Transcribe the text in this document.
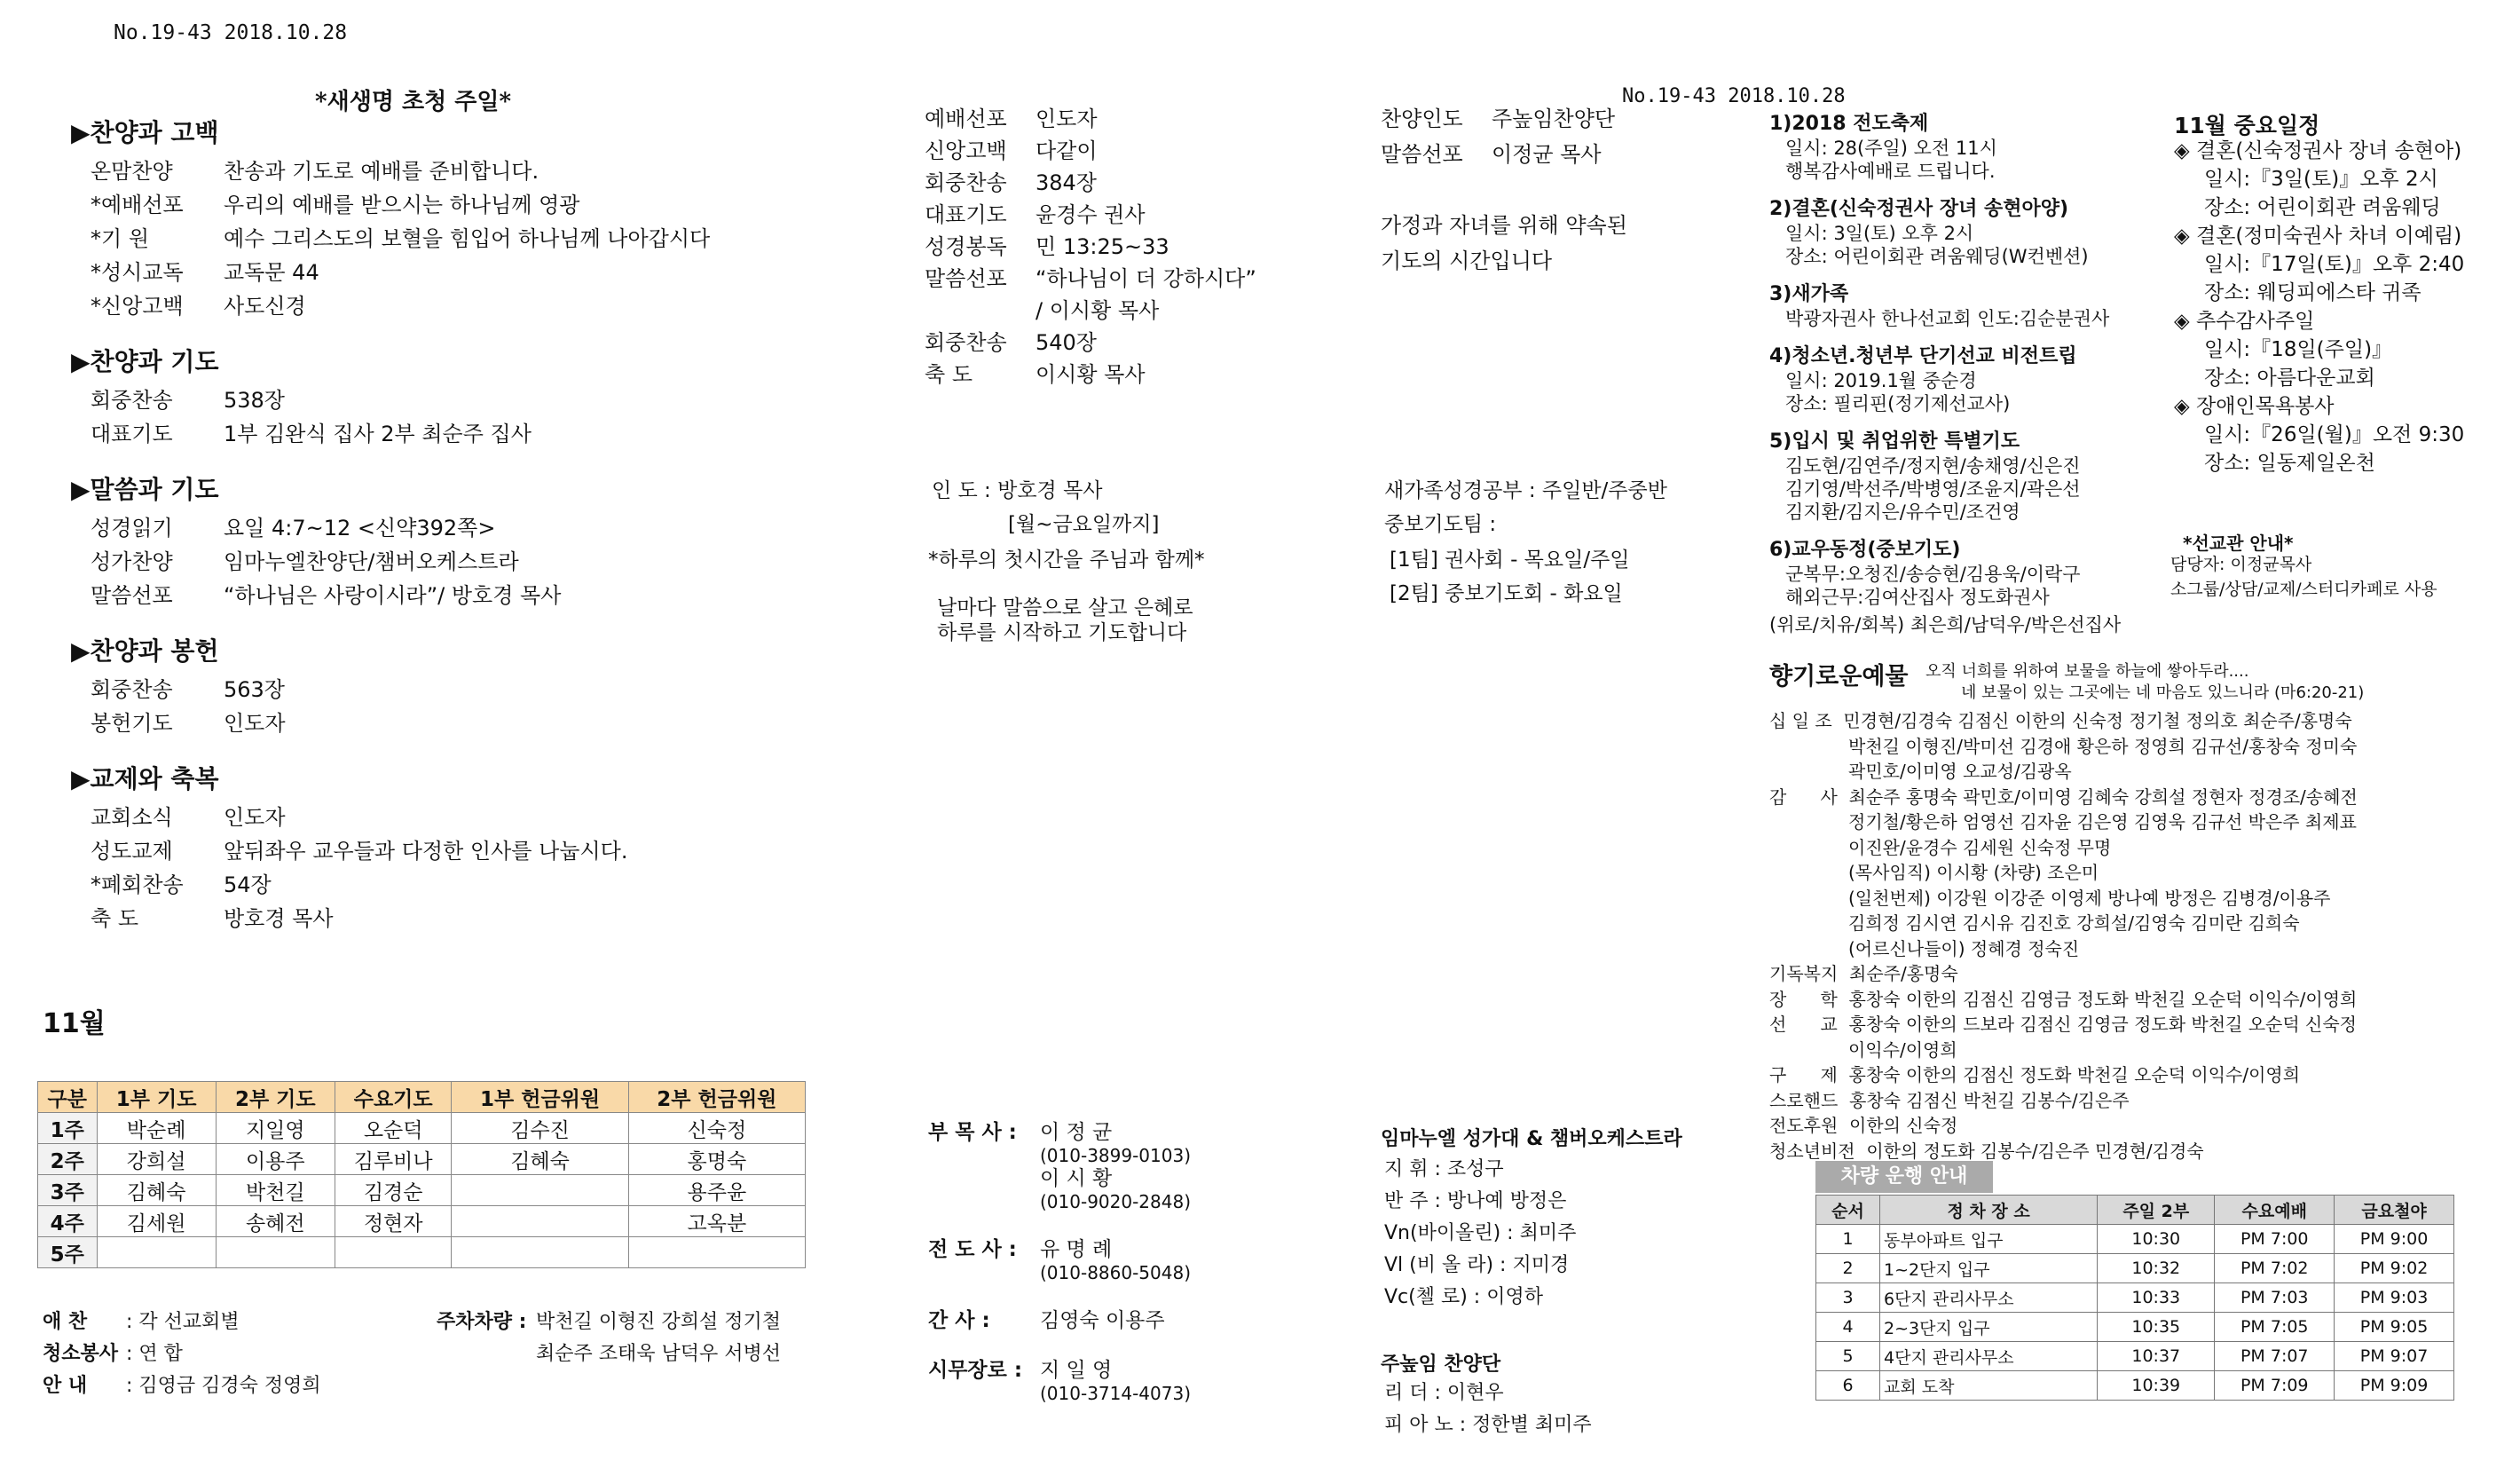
No.19-43 2018.10.28
*새생명 초청 주일*
▶찬양과 고백
온맘찬양	찬송과 기도로 예배를 준비합니다.
*예배선포	우리의 예배를 받으시는 하나님께 영광
*기 원	예수 그리스도의 보혈을 힘입어 하나님께 나아갑시다
*성시교독	교독문 44
*신앙고백	사도신경
▶찬양과 기도
회중찬송	538장
대표기도	1부 김완식 집사 2부 최순주 집사
▶말씀과 기도
성경읽기	요일 4:7~12 <신약392쪽>
성가찬양	임마누엘찬양단/챔버오케스트라
말씀선포	“하나님은 사랑이시라”/ 방호경 목사
▶찬양과 봉헌
회중찬송	563장
봉헌기도	인도자
▶교제와 축복
교회소식	인도자
성도교제	앞뒤좌우 교우들과 다정한 인사를 나눕시다.
*폐회찬송	54장
축 도	방호경 목사
11월
구분	1부 기도	2부 기도	수요기도	1부 헌금위원	2부 헌금위원
1주	박순례	지일영	오순덕	김수진	신숙정
2주	강희설	이용주	김루비나	김혜숙	홍명숙
3주	김혜숙	박천길	김경순		용주윤
4주	김세원	송혜전	정현자		고옥분
5주					
애 찬	: 각 선교회별
청소봉사 : 연 합
안 내	: 김영금 김경숙 정영희
주차차량 : 박천길 이형진 강희설 정기철
최순주 조태욱 남덕우 서병선
예배선포	인도자
신앙고백	다같이
회중찬송	384장
대표기도	윤경수 권사
성경봉독	민 13:25~33
말씀선포	“하나님이 더 강하시다”
/ 이시황 목사
회중찬송	540장
축 도	이시황 목사
인 도 : 방호경 목사
[월~금요일까지]
*하루의 첫시간을 주님과 함께*
날마다 말씀으로 살고 은혜로
하루를 시작하고 기도합니다
부 목 사 :	이 정 균
(010-3899-0103)
이 시 황
(010-9020-2848)
전 도 사 :	유 명 례
(010-8860-5048)
간 사 :	김영숙 이용주
시무장로 : 지 일 영
(010-3714-4073)
찬양인도	주높임찬양단
말씀선포	이정균 목사
가정과 자녀를 위해 약속된
기도의 시간입니다
새가족성경공부 : 주일반/주중반
중보기도팀 :
[1팀] 권사회 - 목요일/주일
[2팀] 중보기도회 - 화요일
임마누엘 성가대 & 챔버오케스트라
지 휘 : 조성구
반 주 : 방나예 방정은
Vn(바이올린) : 최미주
Vl (비 올 라) : 지미경
Vc(첼 로) : 이영하
주높임 찬양단
리 더 : 이현우
피 아 노 : 정한별 최미주
No.19-43 2018.10.28
1)2018 전도축제
일시: 28(주일) 오전 11시
행복감사예배로 드립니다.
2)결혼(신숙정권사 장녀 송현아양)
일시: 3일(토) 오후 2시
장소: 어린이회관 려움웨딩(W컨벤션)
3)새가족
박광자권사 한나선교회 인도:김순분권사
4)청소년.청년부 단기선교 비전트립
일시: 2019.1월 중순경
장소: 필리핀(정기제선교사)
5)입시 및 취업위한 특별기도
김도현/김연주/정지현/송채영/신은진
김기영/박선주/박병영/조윤지/곽은선
김지환/김지은/유수민/조건영
6)교우동정(중보기도)
군복무:오청진/송승현/김용욱/이락구
해외근무:김여산집사 정도화권사
(위로/치유/회복) 최은희/남덕우/박은선집사
11월 중요일정
◈ 결혼(신숙정권사 장녀 송현아)
일시:『3일(토)』오후 2시
장소: 어린이회관 려움웨딩
◈ 결혼(정미숙권사 차녀 이예림)
일시:『17일(토)』오후 2:40
장소: 웨딩피에스타 귀족
◈ 추수감사주일
일시:『18일(주일)』
장소: 아름다운교회
◈ 장애인목욕봉사
일시:『26일(월)』오전 9:30
장소: 일동제일온천
*선교관 안내*
담당자: 이정균목사
소그룹/상담/교제/스터디카페로 사용
향기로운예물 오직 너희를 위하여 보물을 하늘에 쌓아두라....
네 보물이 있는 그곳에는 네 마음도 있느니라 (마6:20-21)
십 일 조  민경현/김경숙 김점신 이한의 신숙정 정기철 정의호 최순주/홍명숙
박천길 이형진/박미선 김경애 황은하 정영희 김규선/홍창숙 정미숙
곽민호/이미영 오교성/김광옥
감      사  최순주 홍명숙 곽민호/이미영 김혜숙 강희설 정현자 정경조/송혜전
정기철/황은하 엄영선 김자윤 김은영 김영욱 김규선 박은주 최제표
이진완/윤경수 김세원 신숙정 무명
(목사임직) 이시황 (차량) 조은미
(일천번제) 이강원 이강준 이영제 방나예 방정은 김병경/이용주
김희정 김시연 김시유 김진호 강희설/김영숙 김미란 김희숙
(어르신나들이) 정혜경 정숙진
기독복지  최순주/홍명숙
장      학  홍창숙 이한의 김점신 김영금 정도화 박천길 오순덕 이익수/이영희
선      교  홍창숙 이한의 드보라 김점신 김영금 정도화 박천길 오순덕 신숙정
이익수/이영희
구      제  홍창숙 이한의 김점신 정도화 박천길 오순덕 이익수/이영희
스로핸드  홍창숙 김점신 박천길 김봉수/김은주
전도후원  이한의 신숙정
청소년비전  이한의 정도화 김봉수/김은주 민경현/김경숙
차량 운행 안내
순서	정 차 장 소	주일 2부	수요예배	금요철야
1	동부아파트 입구	10:30	PM 7:00	PM 9:00
2	1~2단지 입구	10:32	PM 7:02	PM 9:02
3	6단지 관리사무소	10:33	PM 7:03	PM 9:03
4	2~3단지 입구	10:35	PM 7:05	PM 9:05
5	4단지 관리사무소	10:37	PM 7:07	PM 9:07
6	교회 도착	10:39	PM 7:09	PM 9:09
